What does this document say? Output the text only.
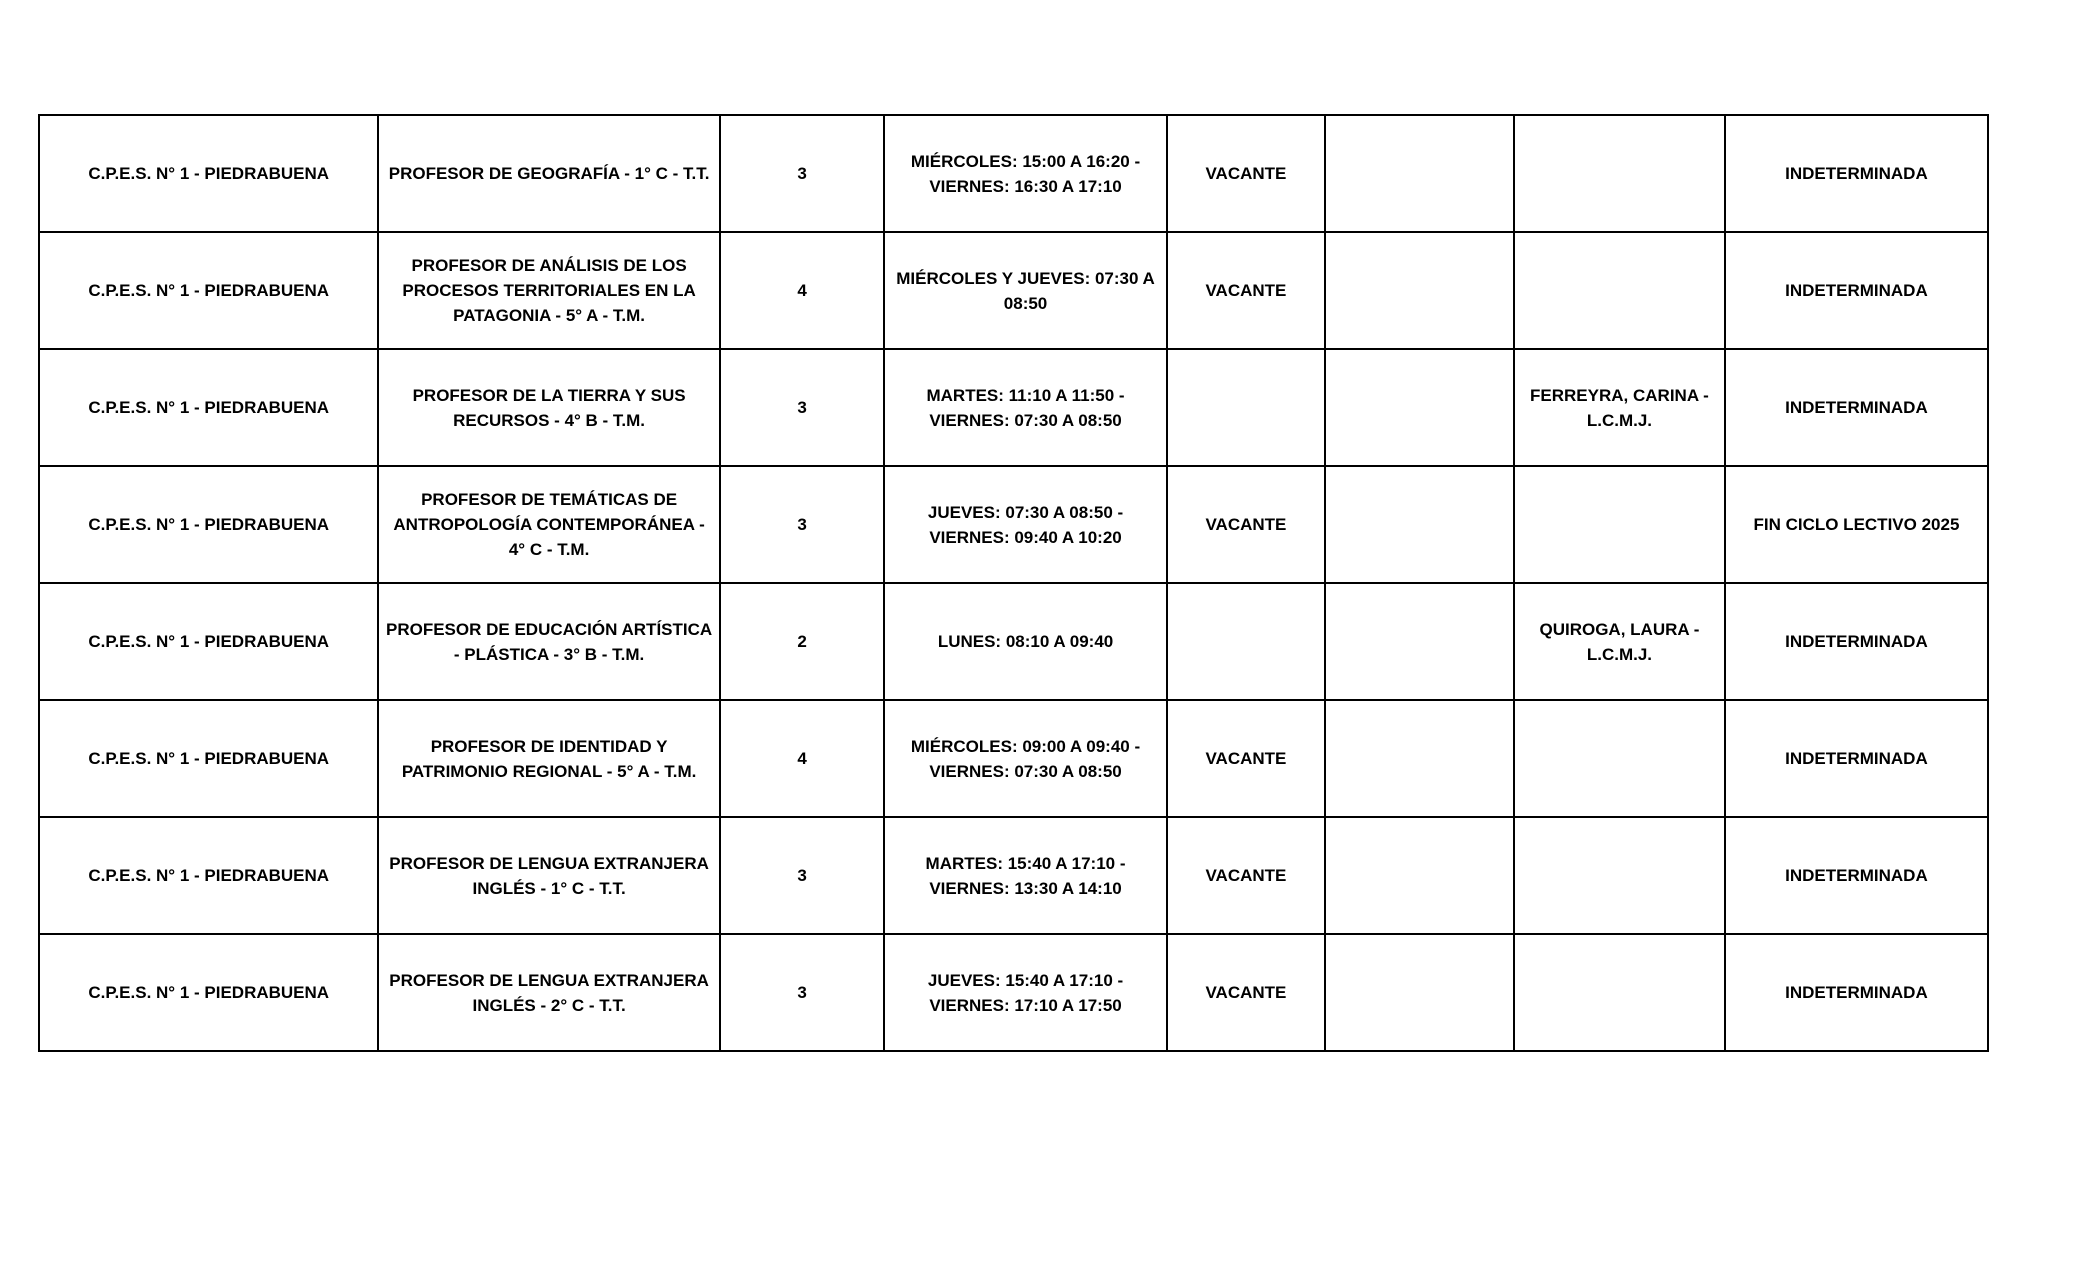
C.P.E.S. N° 1 - PIEDRABUENA	PROFESOR DE GEOGRAFÍA - 1° C - T.T.	3	MIÉRCOLES: 15:00 A 16:20 - VIERNES: 16:30 A 17:10	VACANTE			INDETERMINADA
C.P.E.S. N° 1 - PIEDRABUENA	PROFESOR DE ANÁLISIS DE LOS PROCESOS TERRITORIALES EN LA PATAGONIA - 5° A - T.M.	4	MIÉRCOLES Y JUEVES: 07:30 A 08:50	VACANTE			INDETERMINADA
C.P.E.S. N° 1 - PIEDRABUENA	PROFESOR DE LA TIERRA Y SUS RECURSOS - 4° B - T.M.	3	MARTES: 11:10 A 11:50 - VIERNES: 07:30 A 08:50			FERREYRA, CARINA - L.C.M.J.	INDETERMINADA
C.P.E.S. N° 1 - PIEDRABUENA	PROFESOR DE TEMÁTICAS DE ANTROPOLOGÍA CONTEMPORÁNEA - 4° C - T.M.	3	JUEVES: 07:30 A 08:50 - VIERNES: 09:40 A 10:20	VACANTE			FIN CICLO LECTIVO 2025
C.P.E.S. N° 1 - PIEDRABUENA	PROFESOR DE EDUCACIÓN ARTÍSTICA - PLÁSTICA - 3° B - T.M.	2	LUNES: 08:10 A 09:40			QUIROGA, LAURA - L.C.M.J.	INDETERMINADA
C.P.E.S. N° 1 - PIEDRABUENA	PROFESOR DE IDENTIDAD Y PATRIMONIO REGIONAL - 5° A - T.M.	4	MIÉRCOLES: 09:00 A 09:40 - VIERNES: 07:30 A 08:50	VACANTE			INDETERMINADA
C.P.E.S. N° 1 - PIEDRABUENA	PROFESOR DE LENGUA EXTRANJERA INGLÉS - 1° C - T.T.	3	MARTES: 15:40 A 17:10 - VIERNES: 13:30 A 14:10	VACANTE			INDETERMINADA
C.P.E.S. N° 1 - PIEDRABUENA	PROFESOR DE LENGUA EXTRANJERA INGLÉS - 2° C - T.T.	3	JUEVES: 15:40 A 17:10 - VIERNES: 17:10 A 17:50	VACANTE			INDETERMINADA
